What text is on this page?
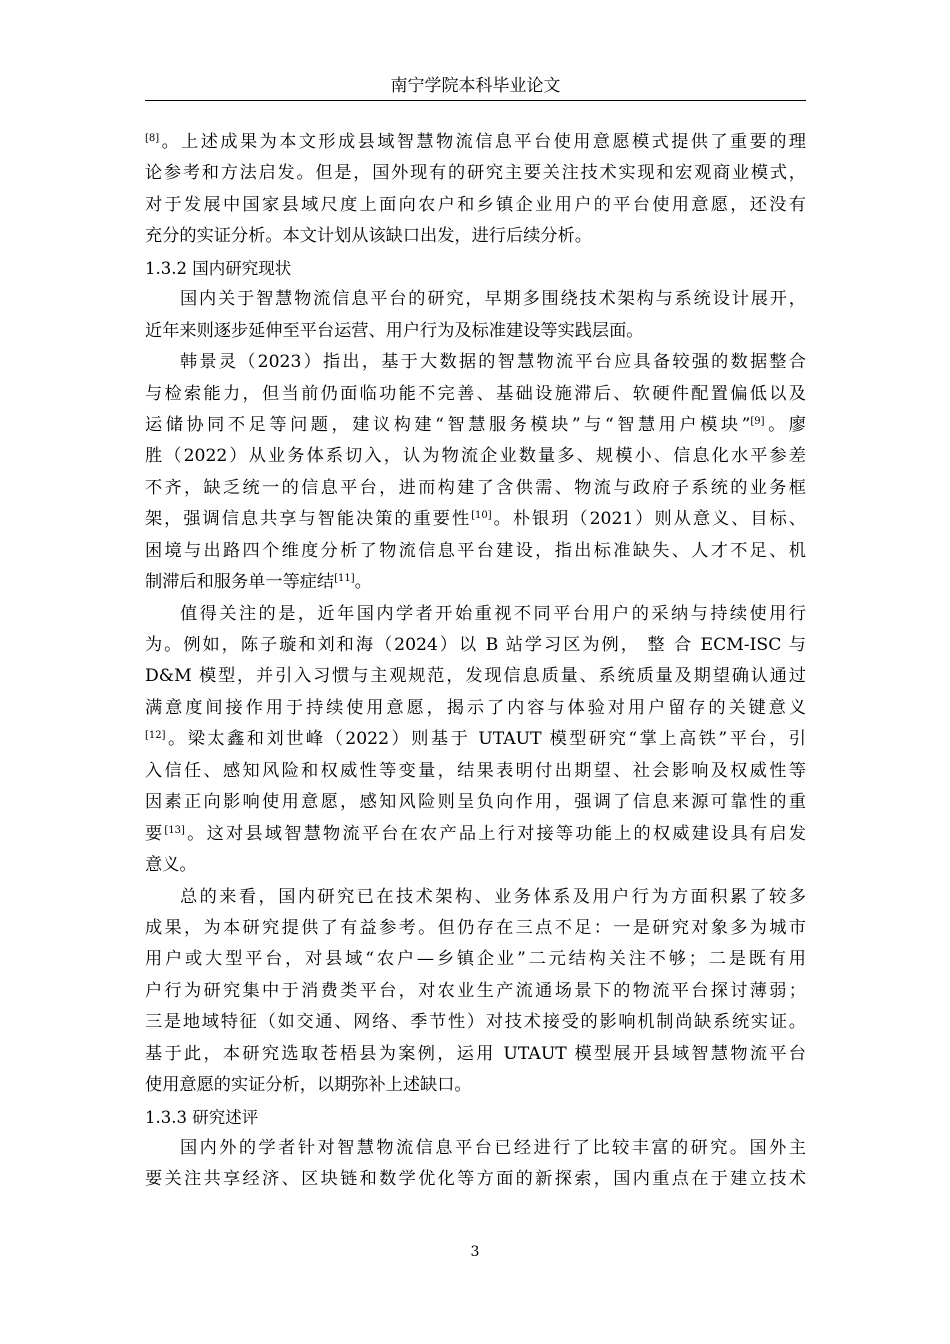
南宁学院本科毕业论文
[8]。上述成果为本文形成县域智慧物流信息平台使用意愿模式提供了重要的理
论参考和方法启发。但是，国外现有的研究主要关注技术实现和宏观商业模式，
对于发展中国家县域尺度上面向农户和乡镇企业用户的平台使用意愿，还没有
充分的实证分析。本文计划从该缺口出发，进行后续分析。
1.3.2 国内研究现状
国内关于智慧物流信息平台的研究，早期多围绕技术架构与系统设计展开，
近年来则逐步延伸至平台运营、用户行为及标准建设等实践层面。
韩景灵（2023）指出，基于大数据的智慧物流平台应具备较强的数据整合
与检索能力，但当前仍面临功能不完善、基础设施滞后、软硬件配置偏低以及
运储协同不足等问题，建议构建“智慧服务模块”与“智慧用户模块”[9]。廖
胜（2022）从业务体系切入，认为物流企业数量多、规模小、信息化水平参差
不齐，缺乏统一的信息平台，进而构建了含供需、物流与政府子系统的业务框
架，强调信息共享与智能决策的重要性[10]。朴银玥（2021）则从意义、目标、
困境与出路四个维度分析了物流信息平台建设，指出标准缺失、人才不足、机
制滞后和服务单一等症结[11]。
值得关注的是，近年国内学者开始重视不同平台用户的采纳与持续使用行
为。例如，陈子璇和刘和海（2024）以 B 站学习区为例， 整 合 ECM-ISC 与
D&M 模型，并引入习惯与主观规范，发现信息质量、系统质量及期望确认通过
满意度间接作用于持续使用意愿，揭示了内容与体验对用户留存的关键意义
[12]。梁太鑫和刘世峰（2022）则基于 UTAUT 模型研究“掌上高铁”平台，引
入信任、感知风险和权威性等变量，结果表明付出期望、社会影响及权威性等
因素正向影响使用意愿，感知风险则呈负向作用，强调了信息来源可靠性的重
要[13]。这对县域智慧物流平台在农产品上行对接等功能上的权威建设具有启发
意义。
总的来看，国内研究已在技术架构、业务体系及用户行为方面积累了较多
成果，为本研究提供了有益参考。但仍存在三点不足：一是研究对象多为城市
用户或大型平台，对县域“农户—乡镇企业”二元结构关注不够；二是既有用
户行为研究集中于消费类平台，对农业生产流通场景下的物流平台探讨薄弱；
三是地域特征（如交通、网络、季节性）对技术接受的影响机制尚缺系统实证。
基于此，本研究选取苍梧县为案例，运用 UTAUT 模型展开县域智慧物流平台
使用意愿的实证分析，以期弥补上述缺口。
1.3.3 研究述评
国内外的学者针对智慧物流信息平台已经进行了比较丰富的研究。国外主
要关注共享经济、区块链和数学优化等方面的新探索，国内重点在于建立技术
3
